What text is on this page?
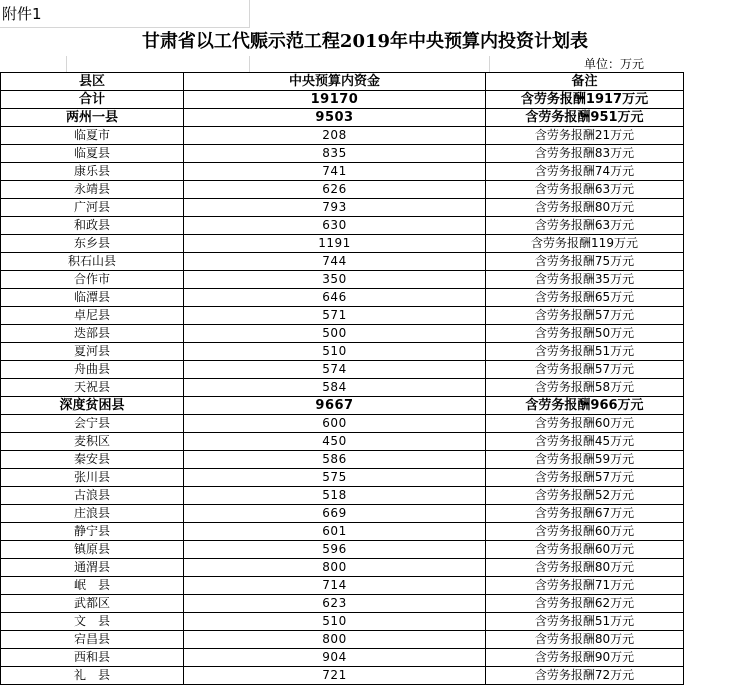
附件1
甘肃省以工代赈示范工程2019年中央预算内投资计划表
单位：万元
县区	中央预算内资金	备注
合计	19170	含劳务报酬1917万元
两州一县	9503	含劳务报酬951万元
临夏市	208	含劳务报酬21万元
临夏县	835	含劳务报酬83万元
康乐县	741	含劳务报酬74万元
永靖县	626	含劳务报酬63万元
广河县	793	含劳务报酬80万元
和政县	630	含劳务报酬63万元
东乡县	1191	含劳务报酬119万元
积石山县	744	含劳务报酬75万元
合作市	350	含劳务报酬35万元
临潭县	646	含劳务报酬65万元
卓尼县	571	含劳务报酬57万元
迭部县	500	含劳务报酬50万元
夏河县	510	含劳务报酬51万元
舟曲县	574	含劳务报酬57万元
天祝县	584	含劳务报酬58万元
深度贫困县	9667	含劳务报酬966万元
会宁县	600	含劳务报酬60万元
麦积区	450	含劳务报酬45万元
秦安县	586	含劳务报酬59万元
张川县	575	含劳务报酬57万元
古浪县	518	含劳务报酬52万元
庄浪县	669	含劳务报酬67万元
静宁县	601	含劳务报酬60万元
镇原县	596	含劳务报酬60万元
通渭县	800	含劳务报酬80万元
岷　县	714	含劳务报酬71万元
武都区	623	含劳务报酬62万元
文　县	510	含劳务报酬51万元
宕昌县	800	含劳务报酬80万元
西和县	904	含劳务报酬90万元
礼　县	721	含劳务报酬72万元
